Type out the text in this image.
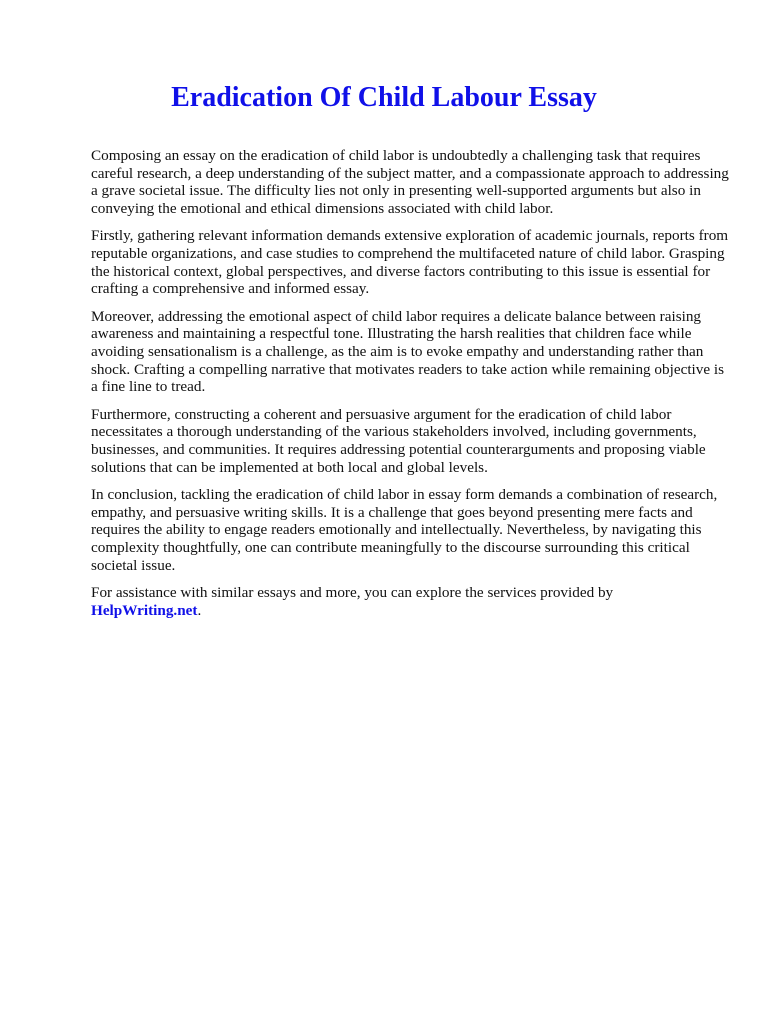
Eradication Of Child Labour Essay

Composing an essay on the eradication of child labor is undoubtedly a challenging task that requires careful research, a deep understanding of the subject matter, and a compassionate approach to addressing a grave societal issue. The difficulty lies not only in presenting well-supported arguments but also in conveying the emotional and ethical dimensions associated with child labor.

Firstly, gathering relevant information demands extensive exploration of academic journals, reports from reputable organizations, and case studies to comprehend the multifaceted nature of child labor. Grasping the historical context, global perspectives, and diverse factors contributing to this issue is essential for crafting a comprehensive and informed essay.

Moreover, addressing the emotional aspect of child labor requires a delicate balance between raising awareness and maintaining a respectful tone. Illustrating the harsh realities that children face while avoiding sensationalism is a challenge, as the aim is to evoke empathy and understanding rather than shock. Crafting a compelling narrative that motivates readers to take action while remaining objective is a fine line to tread.

Furthermore, constructing a coherent and persuasive argument for the eradication of child labor necessitates a thorough understanding of the various stakeholders involved, including governments, businesses, and communities. It requires addressing potential counterarguments and proposing viable solutions that can be implemented at both local and global levels.

In conclusion, tackling the eradication of child labor in essay form demands a combination of research, empathy, and persuasive writing skills. It is a challenge that goes beyond presenting mere facts and requires the ability to engage readers emotionally and intellectually. Nevertheless, by navigating this complexity thoughtfully, one can contribute meaningfully to the discourse surrounding this critical societal issue.

For assistance with similar essays and more, you can explore the services provided by
HelpWriting.net.
